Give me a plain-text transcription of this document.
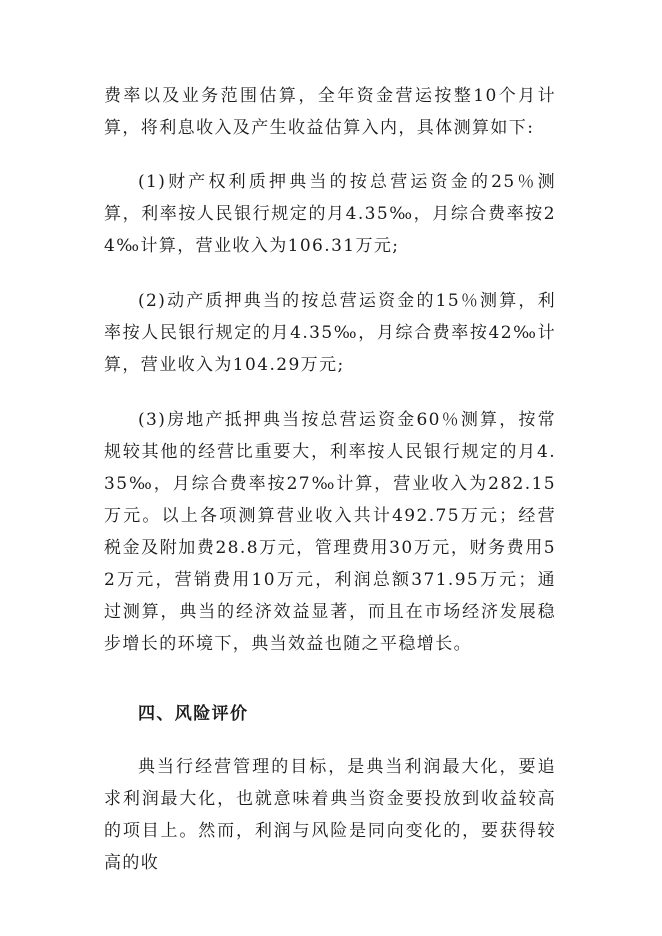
费率以及业务范围估算，全年资金营运按整10个月计算，将利息收入及产生收益估算入内，具体测算如下:

(1)财产权利质押典当的按总营运资金的25％测算，利率按人民银行规定的月4.35‰，月综合费率按24‰计算，营业收入为106.31万元;

(2)动产质押典当的按总营运资金的15％测算，利率按人民银行规定的月4.35‰，月综合费率按42‰计算，营业收入为104.29万元;

(3)房地产抵押典当按总营运资金60％测算，按常规较其他的经营比重要大，利率按人民银行规定的月4.35‰，月综合费率按27‰计算，营业收入为282.15万元。以上各项测算营业收入共计492.75万元；经营税金及附加费28.8万元，管理费用30万元，财务费用52万元，营销费用10万元，利润总额371.95万元；通过测算，典当的经济效益显著，而且在市场经济发展稳步增长的环境下，典当效益也随之平稳增长。

四、风险评价

典当行经营管理的目标，是典当利润最大化，要追求利润最大化，也就意味着典当资金要投放到收益较高的项目上。然而，利润与风险是同向变化的，要获得较高的收
